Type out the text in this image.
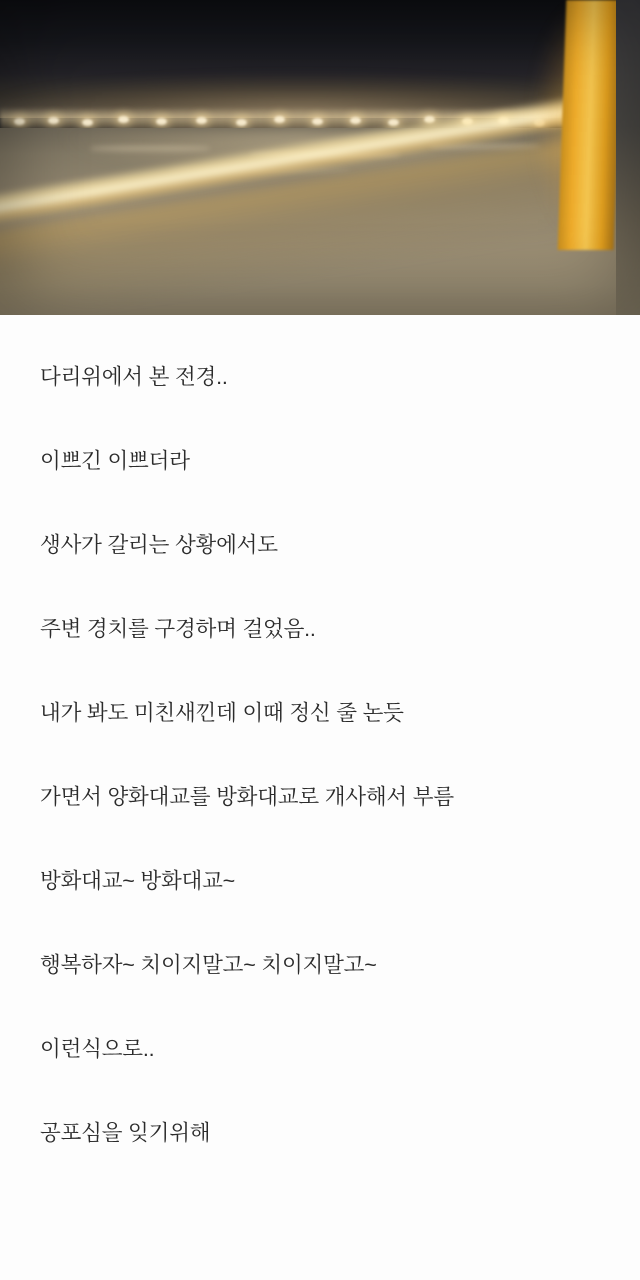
다리위에서 본 전경..

이쁘긴 이쁘더라

생사가 갈리는 상황에서도

주변 경치를 구경하며 걸었음..

내가 봐도 미친새낀데 이때 정신 줄 논듯

가면서 양화대교를 방화대교로 개사해서 부름

방화대교~ 방화대교~

행복하자~ 치이지말고~ 치이지말고~

이런식으로..

공포심을 잊기위해
